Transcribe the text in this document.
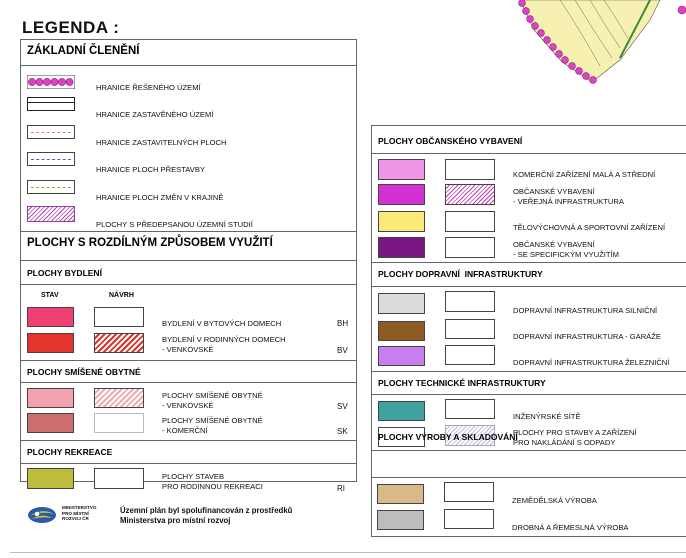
LEGENDA :
ZÁKLADNÍ ČLENĚNÍ
HRANICE ŘEŠENÉHO ÚZEMÍ
HRANICE ZASTAVĚNÉHO ÚZEMÍ
HRANICE ZASTAVITELNÝCH PLOCH
HRANICE PLOCH PŘESTAVBY
HRANICE PLOCH ZMĚN V KRAJINĚ
PLOCHY S PŘEDEPSANOU ÚZEMNÍ STUDIÍ
PLOCHY S ROZDÍLNÝM ZPŮSOBEM VYUŽITÍ
PLOCHY BYDLENÍ
STAV	NÁVRH
BYDLENÍ V BYTOVÝCH DOMECH	BH
BYDLENÍ V RODINNÝCH DOMECH
- VENKOVSKÉ	BV
PLOCHY SMÍŠENÉ OBYTNÉ
PLOCHY SMÍŠENÉ OBYTNÉ
- VENKOVSKÉ	SV
PLOCHY SMÍŠENÉ OBYTNÉ
- KOMERČNÍ	SK
PLOCHY REKREACE
PLOCHY STAVEB
PRO RODINNOU REKREACI	RI
MINISTERSTVO
PRO MÍSTNÍ
ROZVOJ ČR
Územní plán byl spolufinancován z prostředků
Ministerstva pro místní rozvoj
PLOCHY OBČANSKÉHO VYBAVENÍ
KOMERČNÍ ZAŘÍZENÍ MALÁ A STŘEDNÍ
OBČANSKÉ VYBAVENÍ
- VEŘEJNÁ INFRASTRUKTURA
TĚLOVÝCHOVNÁ A SPORTOVNÍ ZAŘÍZENÍ
OBČANSKÉ VYBAVENÍ
- SE SPECIFICKÝM VYUŽITÍM
PLOCHY DOPRAVNÍ  INFRASTRUKTURY
DOPRAVNÍ INFRASTRUKTURA SILNIČNÍ
DOPRAVNÍ INFRASTRUKTURA - GARÁŽE
DOPRAVNÍ INFRASTRUKTURA ŽELEZNIČNÍ
PLOCHY TECHNICKÉ INFRASTRUKTURY
INŽENÝRSKÉ SÍTĚ
PLOCHY PRO STAVBY A ZAŘÍZENÍ
PRO NAKLÁDÁNÍ S ODPADY
PLOCHY VÝROBY A SKLADOVÁNÍ
ZEMĚDĚLSKÁ VÝROBA
DROBNÁ A ŘEMESLNÁ VÝROBA
